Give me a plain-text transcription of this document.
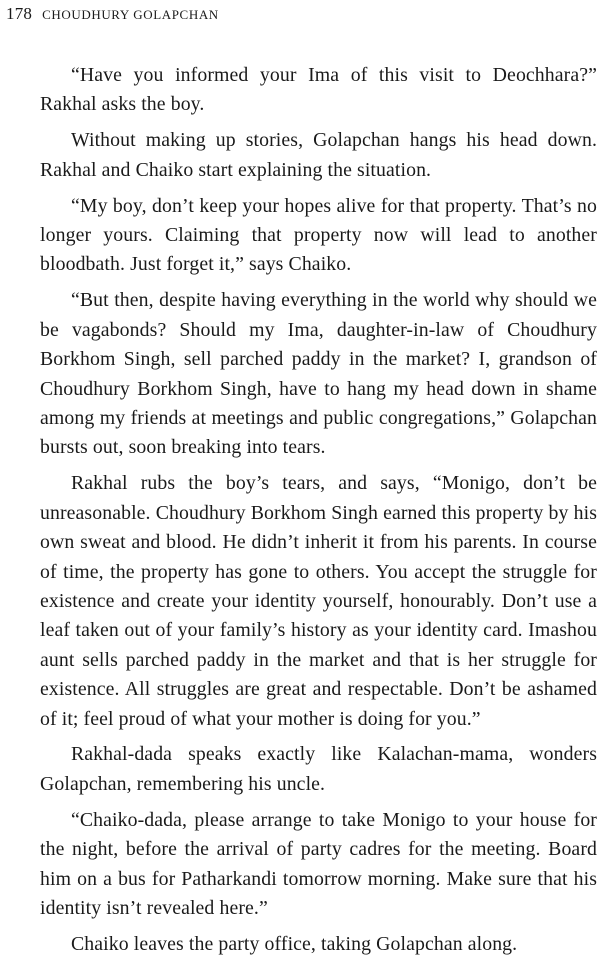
178 CHOUDHURY GOLAPCHAN

“Have you informed your Ima of this visit to Deochhara?” Rakhal asks the boy.

Without making up stories, Golapchan hangs his head down. Rakhal and Chaiko start explaining the situation.

“My boy, don’t keep your hopes alive for that property. That’s no longer yours. Claiming that property now will lead to another bloodbath. Just forget it,” says Chaiko.

“But then, despite having everything in the world why should we be vagabonds? Should my Ima, daughter-in-law of Choudhury Borkhom Singh, sell parched paddy in the market? I, grandson of Choudhury Borkhom Singh, have to hang my head down in shame among my friends at meetings and public congregations,” Golapchan bursts out, soon breaking into tears.

Rakhal rubs the boy’s tears, and says, “Monigo, don’t be unreasonable. Choudhury Borkhom Singh earned this property by his own sweat and blood. He didn’t inherit it from his parents. In course of time, the property has gone to others. You accept the struggle for existence and create your identity yourself, honourably. Don’t use a leaf taken out of your family’s history as your identity card. Imashou aunt sells parched paddy in the market and that is her struggle for existence. All struggles are great and respectable. Don’t be ashamed of it; feel proud of what your mother is doing for you.”

Rakhal-dada speaks exactly like Kalachan-mama, wonders Golapchan, remembering his uncle.

“Chaiko-dada, please arrange to take Monigo to your house for the night, before the arrival of party cadres for the meeting. Board him on a bus for Patharkandi tomorrow morning. Make sure that his identity isn’t revealed here.”

Chaiko leaves the party office, taking Golapchan along.
